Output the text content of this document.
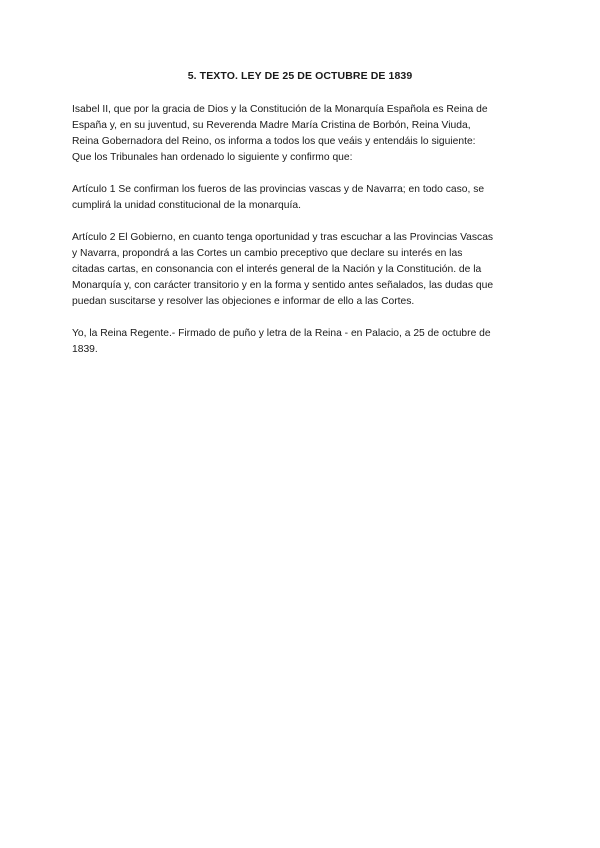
5. TEXTO. LEY DE 25 DE OCTUBRE DE 1839

Isabel II, que por la gracia de Dios y la Constitución de la Monarquía Española es Reina de
España y, en su juventud, su Reverenda Madre María Cristina de Borbón, Reina Viuda,
Reina Gobernadora del Reino, os informa a todos los que veáis y entendáis lo siguiente:
Que los Tribunales han ordenado lo siguiente y confirmo que:

Artículo 1 Se confirman los fueros de las provincias vascas y de Navarra; en todo caso, se
cumplirá la unidad constitucional de la monarquía.

Artículo 2 El Gobierno, en cuanto tenga oportunidad y tras escuchar a las Provincias Vascas
y Navarra, propondrá a las Cortes un cambio preceptivo que declare su interés en las
citadas cartas, en consonancia con el interés general de la Nación y la Constitución. de la
Monarquía y, con carácter transitorio y en la forma y sentido antes señalados, las dudas que
puedan suscitarse y resolver las objeciones e informar de ello a las Cortes.

Yo, la Reina Regente.- Firmado de puño y letra de la Reina - en Palacio, a 25 de octubre de
1839.
